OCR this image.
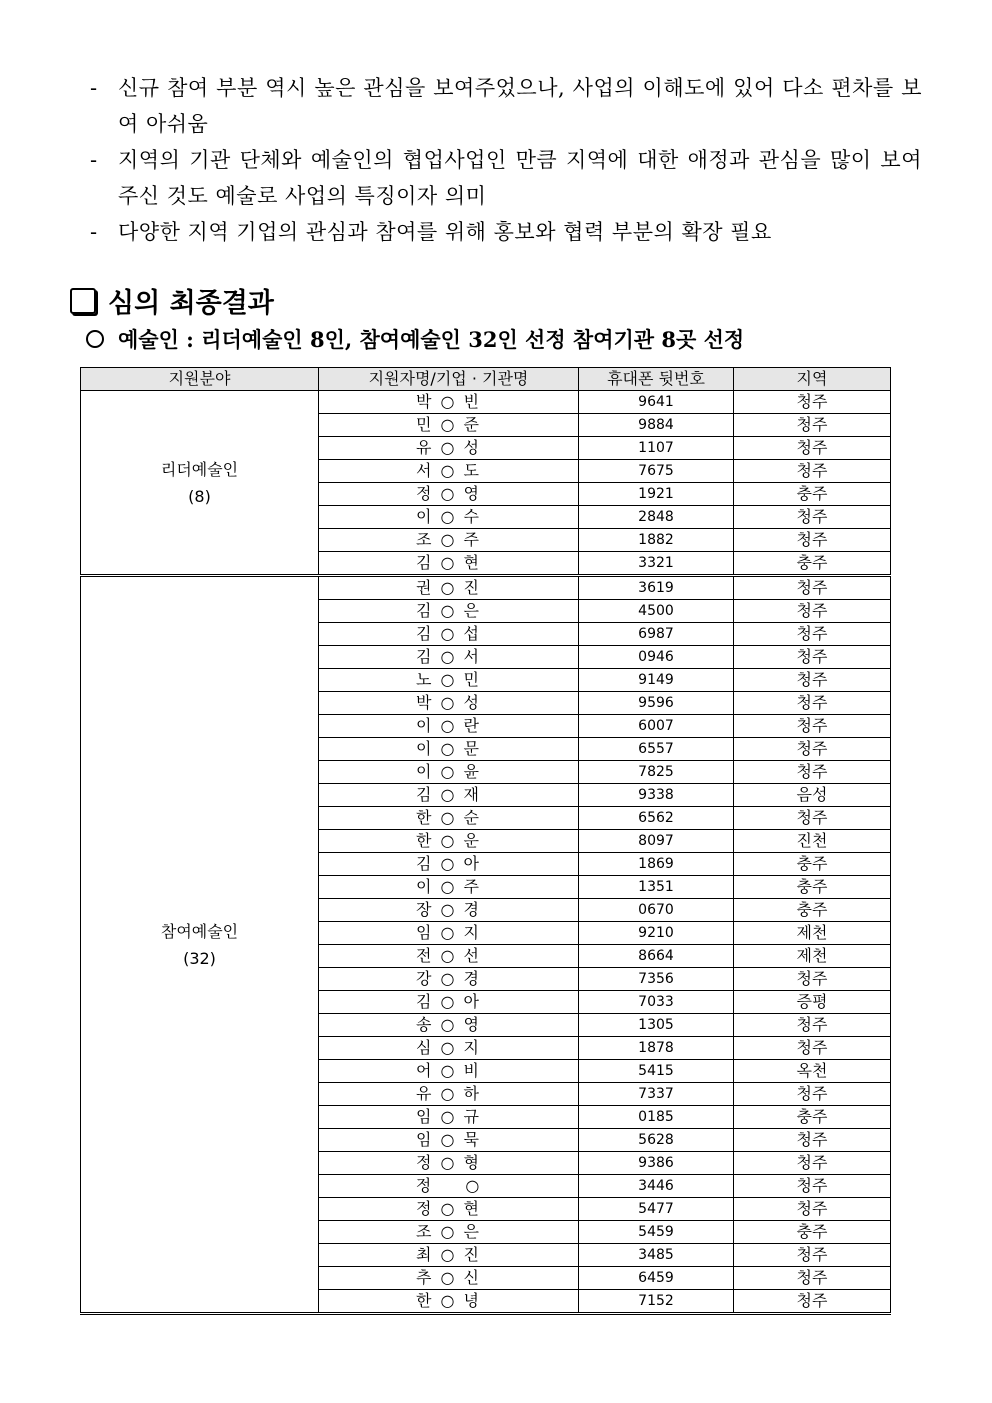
- 신규 참여 부분 역시 높은 관심을 보여주었으나, 사업의 이해도에 있어 다소 편차를 보여 아쉬움
- 지역의 기관 단체와 예술인의 협업사업인 만큼 지역에 대한 애정과 관심을 많이 보여주신 것도 예술로 사업의 특징이자 의미
- 다양한 지역 기업의 관심과 참여를 위해 홍보와 협력 부분의 확장 필요
심의 최종결과
예술인 : 리더예술인 8인, 참여예술인 32인 선정 참여기관 8곳 선정
지원분야	지원자명/기업 · 기관명	휴대폰 뒷번호	지역

리더예술인
(8)	박 ○ 빈	9641	청주
	민 ○ 준	9884	청주
	유 ○ 성	1107	청주
	서 ○ 도	7675	청주
	정 ○ 영	1921	충주
	이 ○ 수	2848	청주
	조 ○ 주	1882	청주
	김 ○ 현	3321	충주

참여예술인
(32)	권 ○ 진	3619	청주
	김 ○ 은	4500	청주
	김 ○ 섭	6987	청주
	김 ○ 서	0946	청주
	노 ○ 민	9149	청주
	박 ○ 성	9596	청주
	이 ○ 란	6007	청주
	이 ○ 문	6557	청주
	이 ○ 윤	7825	청주
	김 ○ 재	9338	음성
	한 ○ 순	6562	청주
	한 ○ 운	8097	진천
	김 ○ 아	1869	충주
	이 ○ 주	1351	충주
	장 ○ 경	0670	충주
	임 ○ 지	9210	제천
	전 ○ 선	8664	제천
	강 ○ 경	7356	청주
	김 ○ 아	7033	증평
	송 ○ 영	1305	청주
	심 ○ 지	1878	청주
	어 ○ 비	5415	옥천
	유 ○ 하	7337	청주
	임 ○ 규	0185	충주
	임 ○ 묵	5628	청주
	정 ○ 형	9386	청주
	정 　 ○	3446	청주
	정 ○ 현	5477	청주
	조 ○ 은	5459	충주
	최 ○ 진	3485	청주
	추 ○ 신	6459	청주
	한 ○ 녕	7152	청주
